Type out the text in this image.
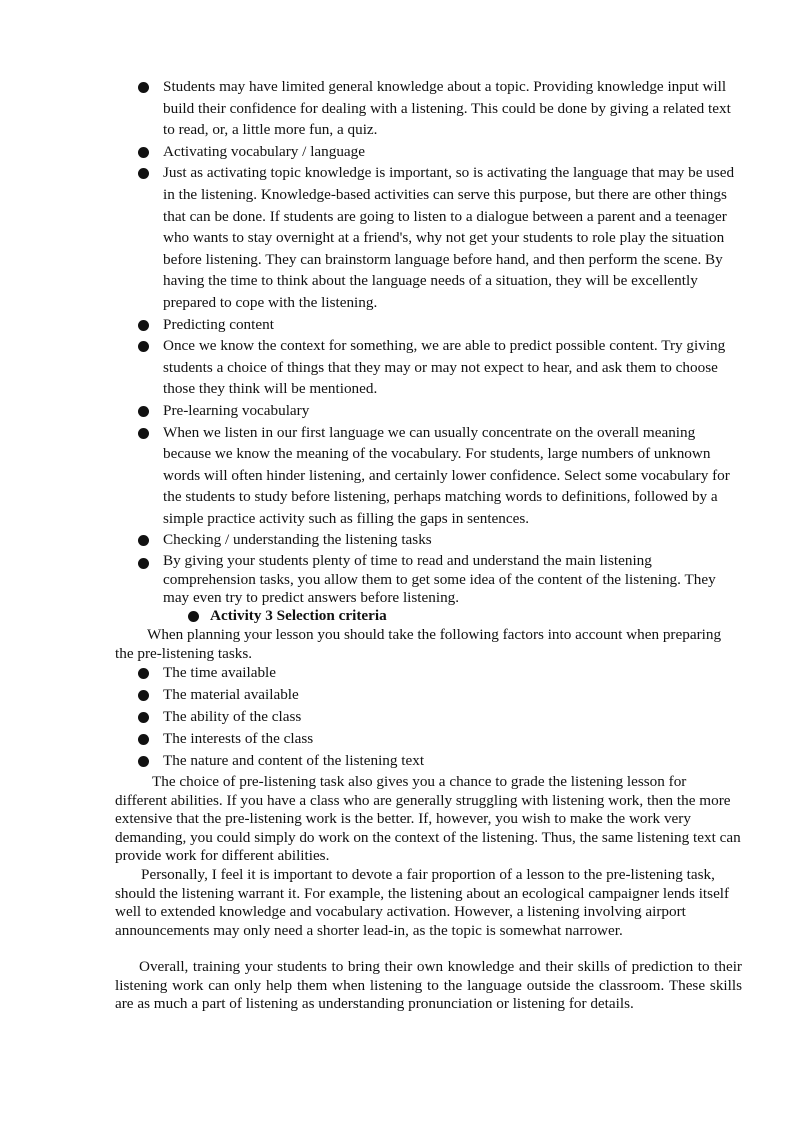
Students may have limited general knowledge about a topic. Providing knowledge input will build their confidence for dealing with a listening. This could be done by giving a related text to read, or, a little more fun, a quiz.
Activating vocabulary / language
Just as activating topic knowledge is important, so is activating the language that may be used in the listening. Knowledge-based activities can serve this purpose, but there are other things that can be done. If students are going to listen to a dialogue between a parent and a teenager who wants to stay overnight at a friend's, why not get your students to role play the situation before listening. They can brainstorm language before hand, and then perform the scene. By having the time to think about the language needs of a situation, they will be excellently prepared to cope with the listening.
Predicting content
Once we know the context for something, we are able to predict possible content. Try giving students a choice of things that they may or may not expect to hear, and ask them to choose those they think will be mentioned.
Pre-learning vocabulary
When we listen in our first language we can usually concentrate on the overall meaning because we know the meaning of the vocabulary. For students, large numbers of unknown words will often hinder listening, and certainly lower confidence. Select some vocabulary for the students to study before listening, perhaps matching words to definitions, followed by a simple practice activity such as filling the gaps in sentences.
Checking / understanding the listening tasks
By giving your students plenty of time to read and understand the main listening comprehension tasks, you allow them to get some idea of the content of the listening. They may even try to predict answers before listening.
Activity 3 Selection criteria

When planning your lesson you should take the following factors into account when preparing the pre-listening tasks.

The time available
The material available
The ability of the class
The interests of the class
The nature and content of the listening text

The choice of pre-listening task also gives you a chance to grade the listening lesson for different abilities. If you have a class who are generally struggling with listening work, then the more extensive that the pre-listening work is the better. If, however, you wish to make the work very demanding, you could simply do work on the context of the listening. Thus, the same listening text can provide work for different abilities.

Personally, I feel it is important to devote a fair proportion of a lesson to the pre-listening task, should the listening warrant it. For example, the listening about an ecological campaigner lends itself well to extended knowledge and vocabulary activation. However, a listening involving airport announcements may only need a shorter lead-in, as the topic is somewhat narrower.

Overall, training your students to bring their own knowledge and their skills of prediction to their listening work can only help them when listening to the language outside the classroom. These skills are as much a part of listening as understanding pronunciation or listening for details.
